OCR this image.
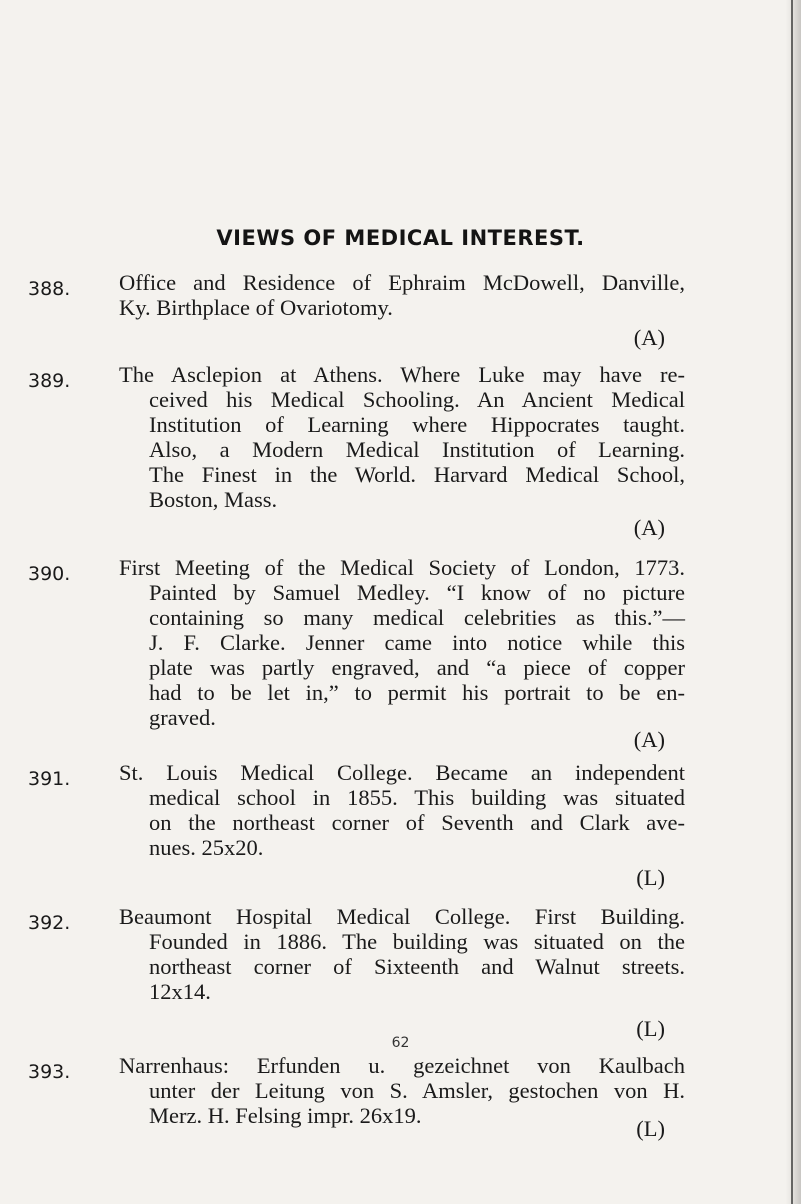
VIEWS OF MEDICAL INTEREST.
388. Office and Residence of Ephraim McDowell, Danville,
Ky. Birthplace of Ovariotomy.
(A)
389. The Asclepion at Athens. Where Luke may have re-
ceived his Medical Schooling. An Ancient Medical
Institution of Learning where Hippocrates taught.
Also, a Modern Medical Institution of Learning.
The Finest in the World. Harvard Medical School,
Boston, Mass.
(A)
390. First Meeting of the Medical Society of London, 1773.
Painted by Samuel Medley. “I know of no picture
containing so many medical celebrities as this.”—
J. F. Clarke. Jenner came into notice while this
plate was partly engraved, and “a piece of copper
had to be let in,” to permit his portrait to be en-
graved.
(A)
391. St. Louis Medical College. Became an independent
medical school in 1855. This building was situated
on the northeast corner of Seventh and Clark ave-
nues. 25x20.
(L)
392. Beaumont Hospital Medical College. First Building.
Founded in 1886. The building was situated on the
northeast corner of Sixteenth and Walnut streets.
12x14.
(L)
393. Narrenhaus: Erfunden u. gezeichnet von Kaulbach
unter der Leitung von S. Amsler, gestochen von H.
Merz. H. Felsing impr. 26x19.
(L)
62
